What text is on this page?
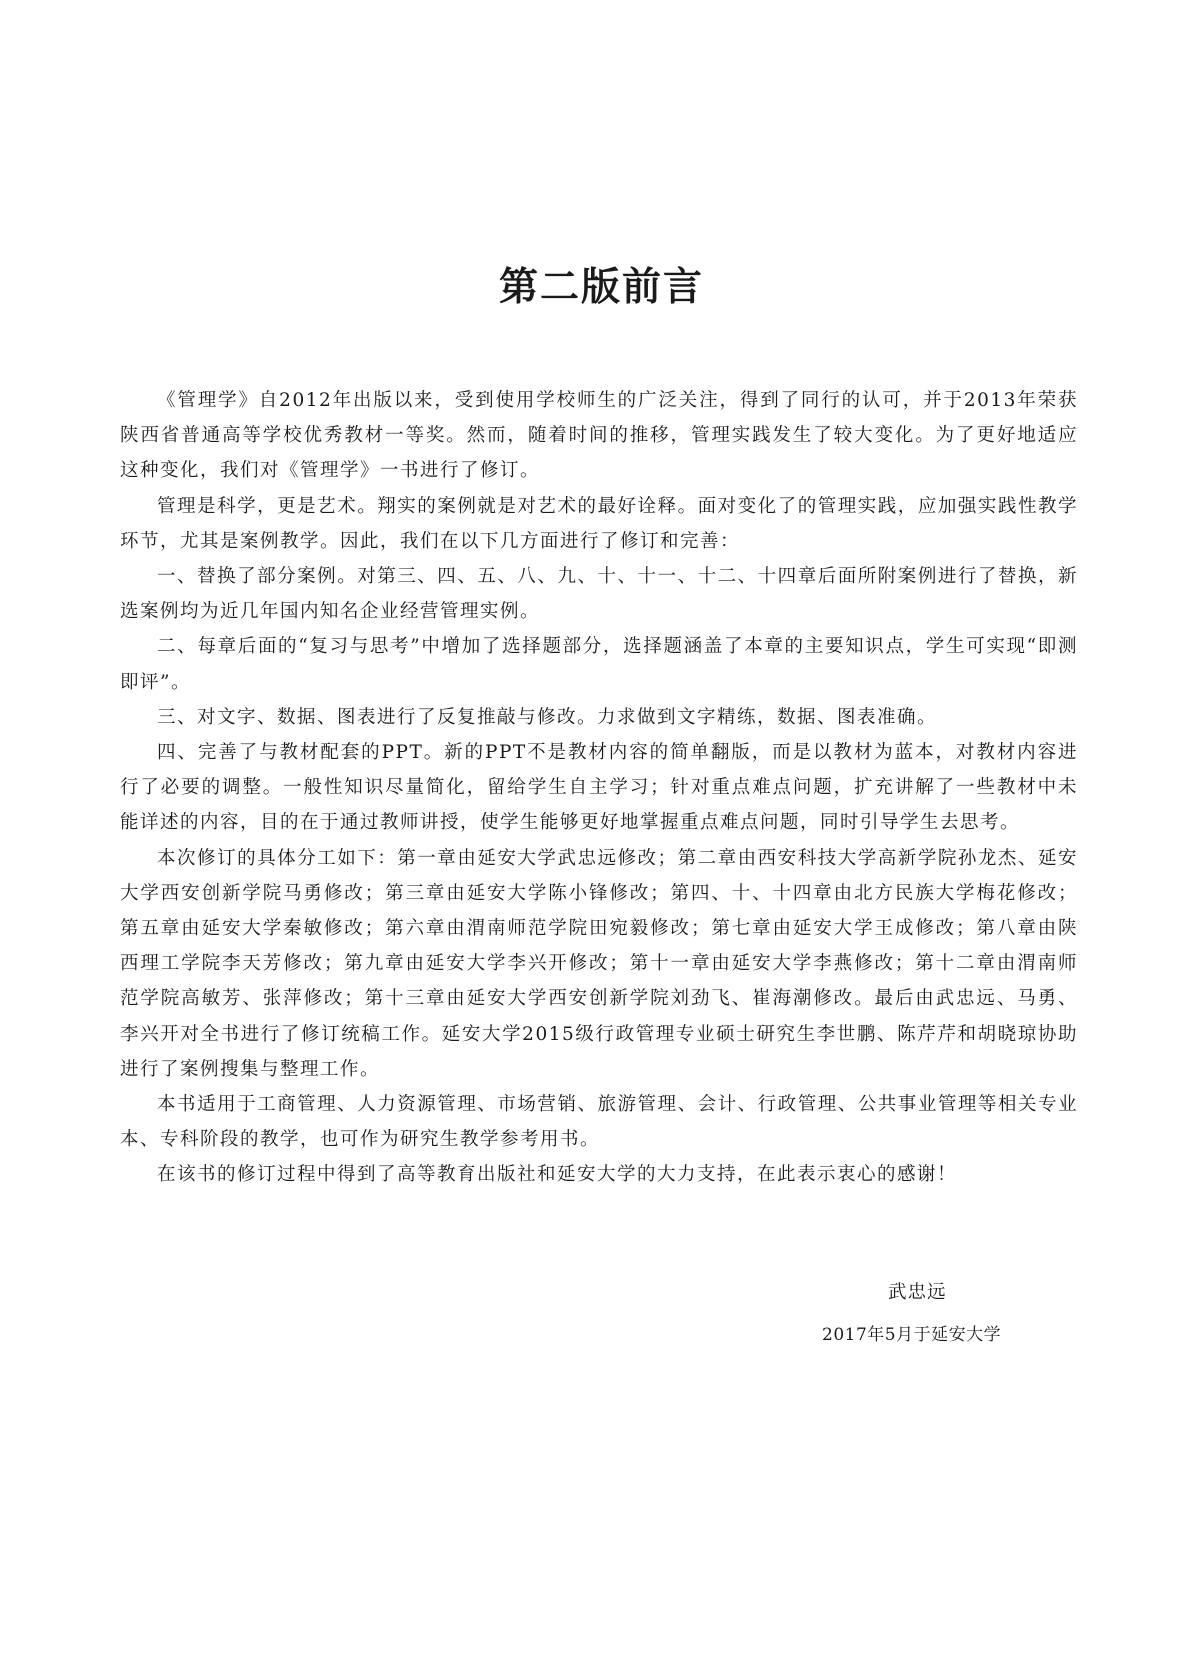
第二版前言

《管理学》自2012年出版以来，受到使用学校师生的广泛关注，得到了同行的认可，并于2013年荣获陕西省普通高等学校优秀教材一等奖。然而，随着时间的推移，管理实践发生了较大变化。为了更好地适应这种变化，我们对《管理学》一书进行了修订。

管理是科学，更是艺术。翔实的案例就是对艺术的最好诠释。面对变化了的管理实践，应加强实践性教学环节，尤其是案例教学。因此，我们在以下几方面进行了修订和完善：

一、替换了部分案例。对第三、四、五、八、九、十、十一、十二、十四章后面所附案例进行了替换，新选案例均为近几年国内知名企业经营管理实例。

二、每章后面的“复习与思考”中增加了选择题部分，选择题涵盖了本章的主要知识点，学生可实现“即测即评”。

三、对文字、数据、图表进行了反复推敲与修改。力求做到文字精练，数据、图表准确。

四、完善了与教材配套的PPT。新的PPT不是教材内容的简单翻版，而是以教材为蓝本，对教材内容进行了必要的调整。一般性知识尽量简化，留给学生自主学习；针对重点难点问题，扩充讲解了一些教材中未能详述的内容，目的在于通过教师讲授，使学生能够更好地掌握重点难点问题，同时引导学生去思考。

本次修订的具体分工如下：第一章由延安大学武忠远修改；第二章由西安科技大学高新学院孙龙杰、延安大学西安创新学院马勇修改；第三章由延安大学陈小锋修改；第四、十、十四章由北方民族大学梅花修改；第五章由延安大学秦敏修改；第六章由渭南师范学院田宛毅修改；第七章由延安大学王成修改；第八章由陕西理工学院李天芳修改；第九章由延安大学李兴开修改；第十一章由延安大学李燕修改；第十二章由渭南师范学院高敏芳、张萍修改；第十三章由延安大学西安创新学院刘劲飞、崔海潮修改。最后由武忠远、马勇、李兴开对全书进行了修订统稿工作。延安大学2015级行政管理专业硕士研究生李世鹏、陈芹芹和胡晓琼协助进行了案例搜集与整理工作。

本书适用于工商管理、人力资源管理、市场营销、旅游管理、会计、行政管理、公共事业管理等相关专业本、专科阶段的教学，也可作为研究生教学参考用书。

在该书的修订过程中得到了高等教育出版社和延安大学的大力支持，在此表示衷心的感谢！

武忠远
2017年5月于延安大学
